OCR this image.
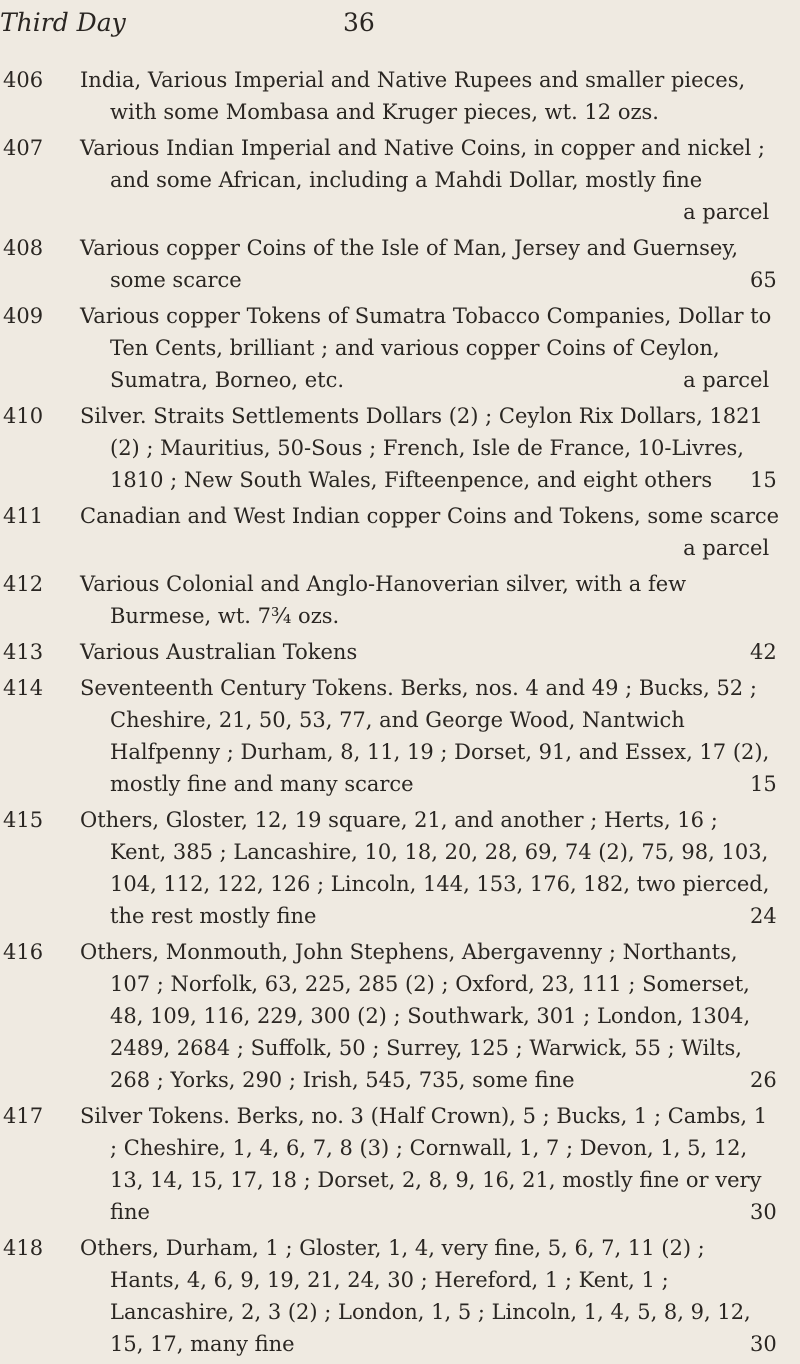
Third Day	36
406 India, Various Imperial and Native Rupees and smaller pieces, with some Mombasa and Kruger pieces, wt. 12 ozs.

407 Various Indian Imperial and Native Coins, in copper and nickel ; and some African, including a Mahdi Dollar, mostly fine
a parcel

408 Various copper Coins of the Isle of Man, Jersey and Guernsey, some scarce	65

409 Various copper Tokens of Sumatra Tobacco Companies, Dollar to Ten Cents, brilliant ; and various copper Coins of Ceylon, Sumatra, Borneo, etc.	a parcel

410 Silver. Straits Settlements Dollars (2) ; Ceylon Rix Dollars, 1821 (2) ; Mauritius, 50-Sous ; French, Isle de France, 10-Livres, 1810 ; New South Wales, Fifteenpence, and eight others 15

411 Canadian and West Indian copper Coins and Tokens, some scarce
a parcel

412 Various Colonial and Anglo-Hanoverian silver, with a few Burmese, wt. 7¾ ozs.

413 Various Australian Tokens	42

414 Seventeenth Century Tokens. Berks, nos. 4 and 49 ; Bucks, 52 ; Cheshire, 21, 50, 53, 77, and George Wood, Nantwich Halfpenny ; Durham, 8, 11, 19 ; Dorset, 91, and Essex, 17 (2), mostly fine and many scarce	15

415 Others, Gloster, 12, 19 square, 21, and another ; Herts, 16 ; Kent, 385 ; Lancashire, 10, 18, 20, 28, 69, 74 (2), 75, 98, 103, 104, 112, 122, 126 ; Lincoln, 144, 153, 176, 182, two pierced, the rest mostly fine	24

416 Others, Monmouth, John Stephens, Abergavenny ; Northants, 107 ; Norfolk, 63, 225, 285 (2) ; Oxford, 23, 111 ; Somerset, 48, 109, 116, 229, 300 (2) ; Southwark, 301 ; London, 1304, 2489, 2684 ; Suffolk, 50 ; Surrey, 125 ; Warwick, 55 ; Wilts, 268 ; Yorks, 290 ; Irish, 545, 735, some fine	26

417 Silver Tokens. Berks, no. 3 (Half Crown), 5 ; Bucks, 1 ; Cambs, 1 ; Cheshire, 1, 4, 6, 7, 8 (3) ; Cornwall, 1, 7 ; Devon, 1, 5, 12, 13, 14, 15, 17, 18 ; Dorset, 2, 8, 9, 16, 21, mostly fine or very fine	30

418 Others, Durham, 1 ; Gloster, 1, 4, very fine, 5, 6, 7, 11 (2) ; Hants, 4, 6, 9, 19, 21, 24, 30 ; Hereford, 1 ; Kent, 1 ; Lancashire, 2, 3 (2) ; London, 1, 5 ; Lincoln, 1, 4, 5, 8, 9, 12, 15, 17, many fine	30
